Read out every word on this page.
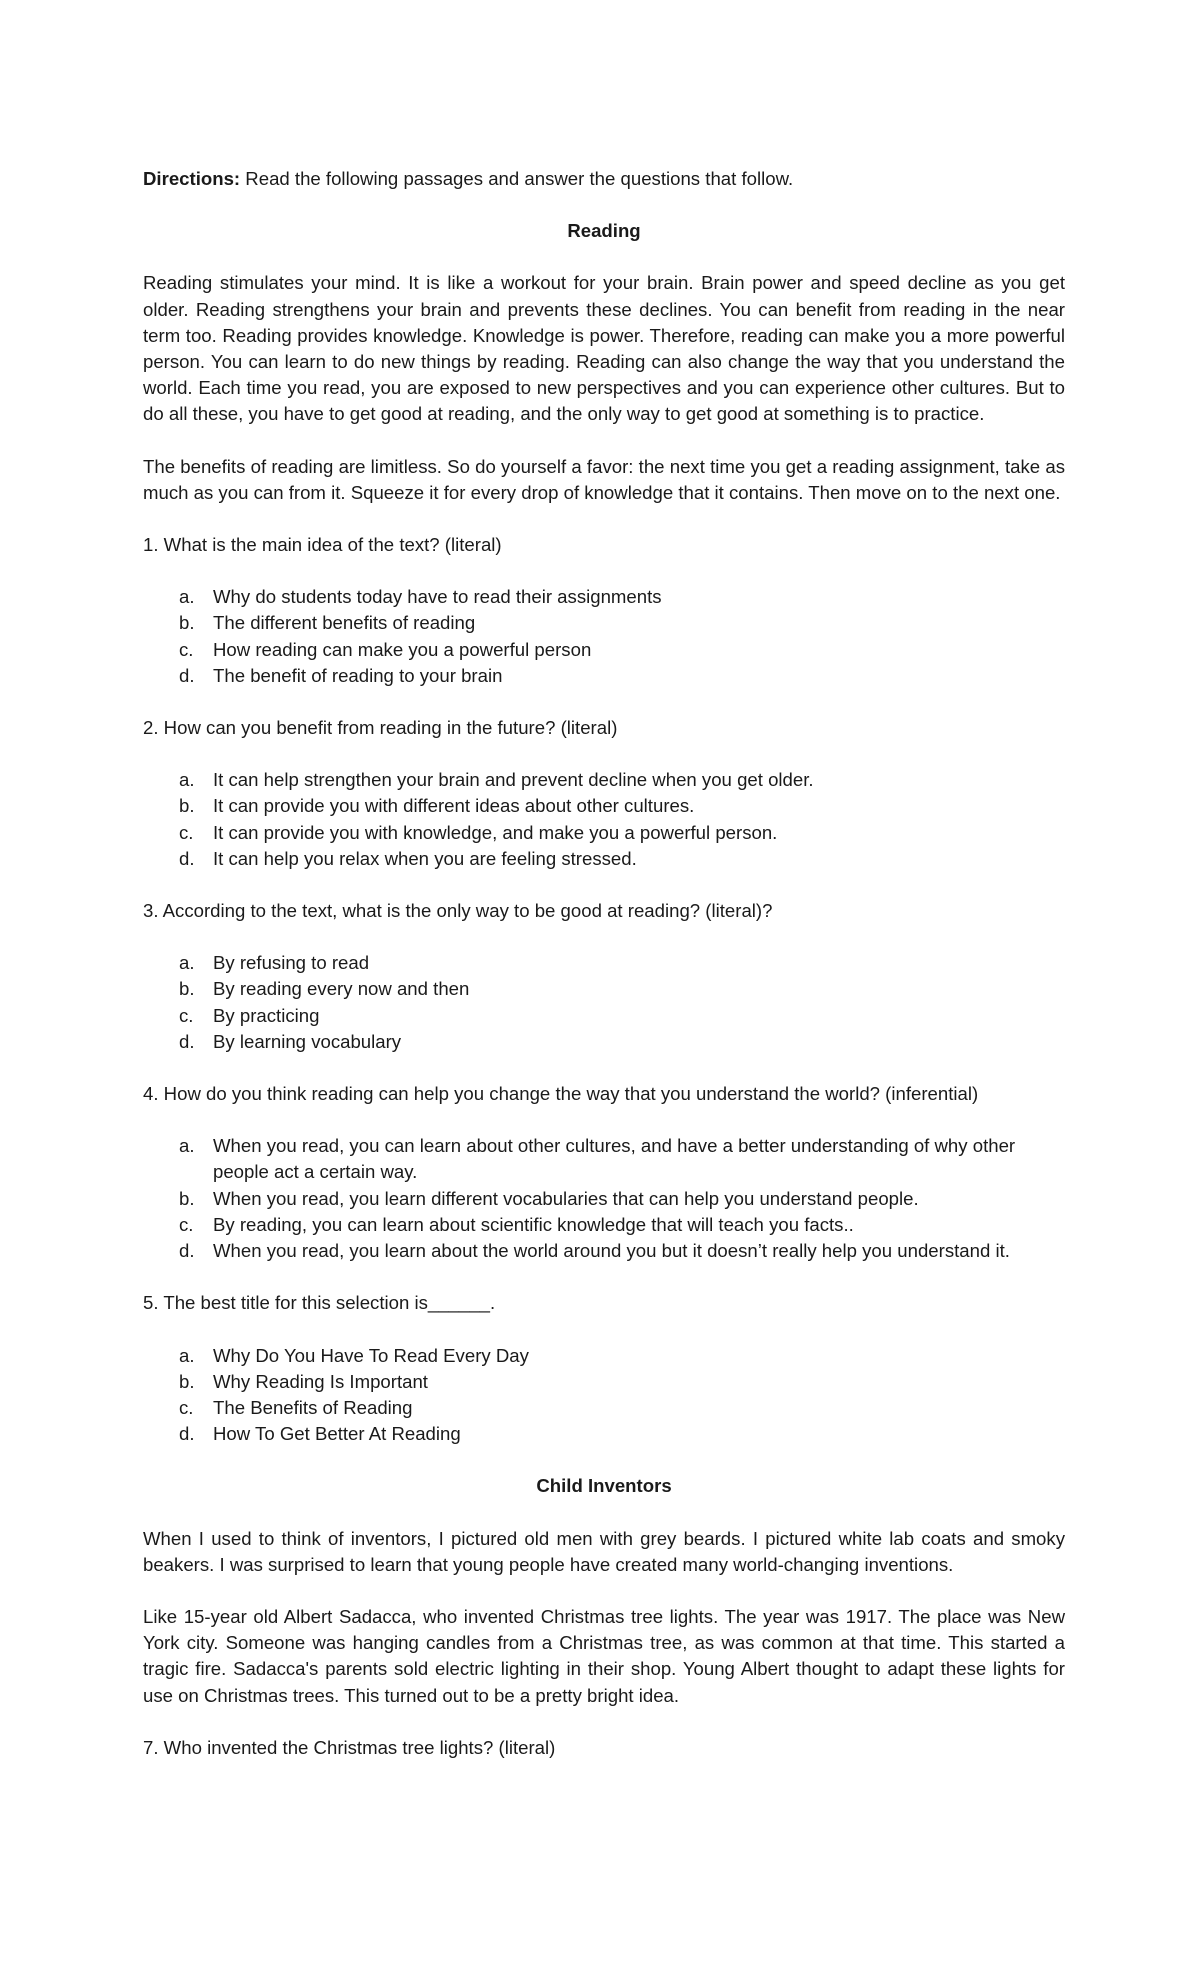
Directions: Read the following passages and answer the questions that follow.

Reading

Reading stimulates your mind. It is like a workout for your brain. Brain power and speed decline as you get older. Reading strengthens your brain and prevents these declines. You can benefit from reading in the near term too. Reading provides knowledge. Knowledge is power. Therefore, reading can make you a more powerful person. You can learn to do new things by reading. Reading can also change the way that you understand the world. Each time you read, you are exposed to new perspectives and you can experience other cultures. But to do all these, you have to get good at reading, and the only way to get good at something is to practice.

The benefits of reading are limitless. So do yourself a favor: the next time you get a reading assignment, take as much as you can from it. Squeeze it for every drop of knowledge that it contains. Then move on to the next one.

1. What is the main idea of the text? (literal)

a. Why do students today have to read their assignments
b. The different benefits of reading
c.	How reading can make you a powerful person
d. The benefit of reading to your brain

2. How can you benefit from reading in the future? (literal)

a. It can help strengthen your brain and prevent decline when you get older.
b. It can provide you with different ideas about other cultures.
c.	It can provide you with knowledge, and make you a powerful person.
d. It can help you relax when you are feeling stressed.

3. According to the text, what is the only way to be good at reading? (literal)?

a. By refusing to read
b. By reading every now and then
c.	By practicing
d. By learning vocabulary

4. How do you think reading can help you change the way that you understand the world? (inferential)

a. When you read, you can learn about other cultures, and have a better understanding of why other people act a certain way.
b. When you read, you learn different vocabularies that can help you understand people.
c.	By reading, you can learn about scientific knowledge that will teach you facts..
d. When you read, you learn about the world around you but it doesn’t really help you understand it.

5. The best title for this selection is______.

a. Why Do You Have To Read Every Day
b. Why Reading Is Important
c.	The Benefits of Reading
d. How To Get Better At Reading

Child Inventors

When I used to think of inventors, I pictured old men with grey beards. I pictured white lab coats and smoky beakers. I was surprised to learn that young people have created many world-changing inventions.

Like 15-year old Albert Sadacca, who invented Christmas tree lights. The year was 1917. The place was New York city. Someone was hanging candles from a Christmas tree, as was common at that time. This started a tragic fire. Sadacca's parents sold electric lighting in their shop. Young Albert thought to adapt these lights for use on Christmas trees. This turned out to be a pretty bright idea.

7. Who invented the Christmas tree lights? (literal)
